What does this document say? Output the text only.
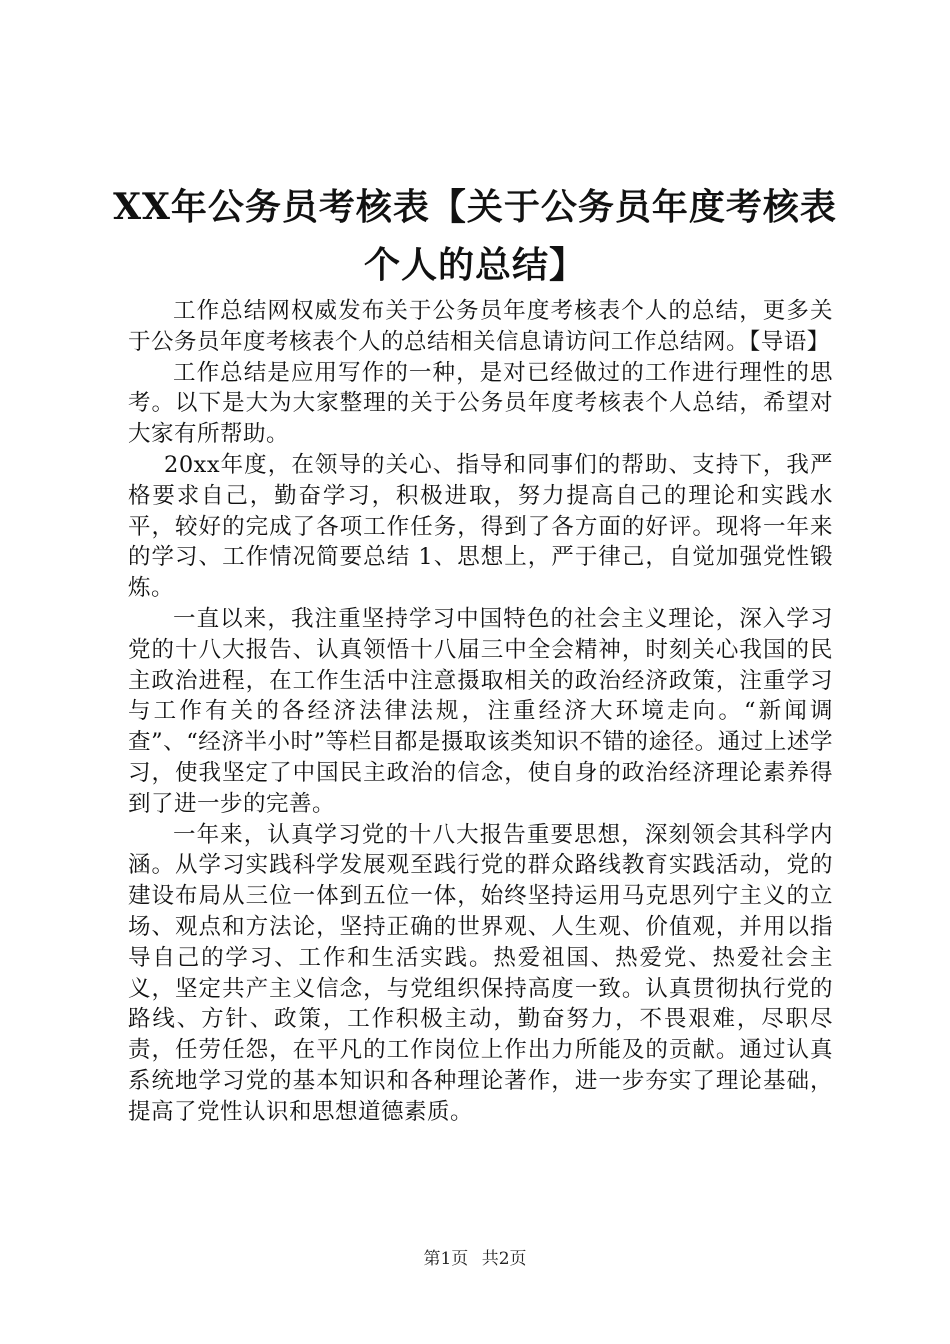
XX年公务员考核表【关于公务员年度考核表
个人的总结】

工作总结网权威发布关于公务员年度考核表个人的总结，更多关于公务员年度考核表个人的总结相关信息请访问工作总结网。【导语】

工作总结是应用写作的一种，是对已经做过的工作进行理性的思考。以下是大为大家整理的关于公务员年度考核表个人总结，希望对大家有所帮助。

20xx年度，在领导的关心、指导和同事们的帮助、支持下，我严格要求自己，勤奋学习，积极进取，努力提高自己的理论和实践水平，较好的完成了各项工作任务，得到了各方面的好评。现将一年来的学习、工作情况简要总结 1、思想上，严于律己，自觉加强党性锻炼。

一直以来，我注重坚持学习中国特色的社会主义理论，深入学习党的十八大报告、认真领悟十八届三中全会精神，时刻关心我国的民主政治进程，在工作生活中注意摄取相关的政治经济政策，注重学习与工作有关的各经济法律法规，注重经济大环境走向。“新闻调查”、“经济半小时”等栏目都是摄取该类知识不错的途径。通过上述学习，使我坚定了中国民主政治的信念，使自身的政治经济理论素养得到了进一步的完善。

一年来，认真学习党的十八大报告重要思想，深刻领会其科学内涵。从学习实践科学发展观至践行党的群众路线教育实践活动，党的建设布局从三位一体到五位一体，始终坚持运用马克思列宁主义的立场、观点和方法论，坚持正确的世界观、人生观、价值观，并用以指导自己的学习、工作和生活实践。热爱祖国、热爱党、热爱社会主义，坚定共产主义信念，与党组织保持高度一致。认真贯彻执行党的路线、方针、政策，工作积极主动，勤奋努力，不畏艰难，尽职尽责，任劳任怨，在平凡的工作岗位上作出力所能及的贡献。通过认真系统地学习党的基本知识和各种理论著作，进一步夯实了理论基础，提高了党性认识和思想道德素质。

第1页 共2页
